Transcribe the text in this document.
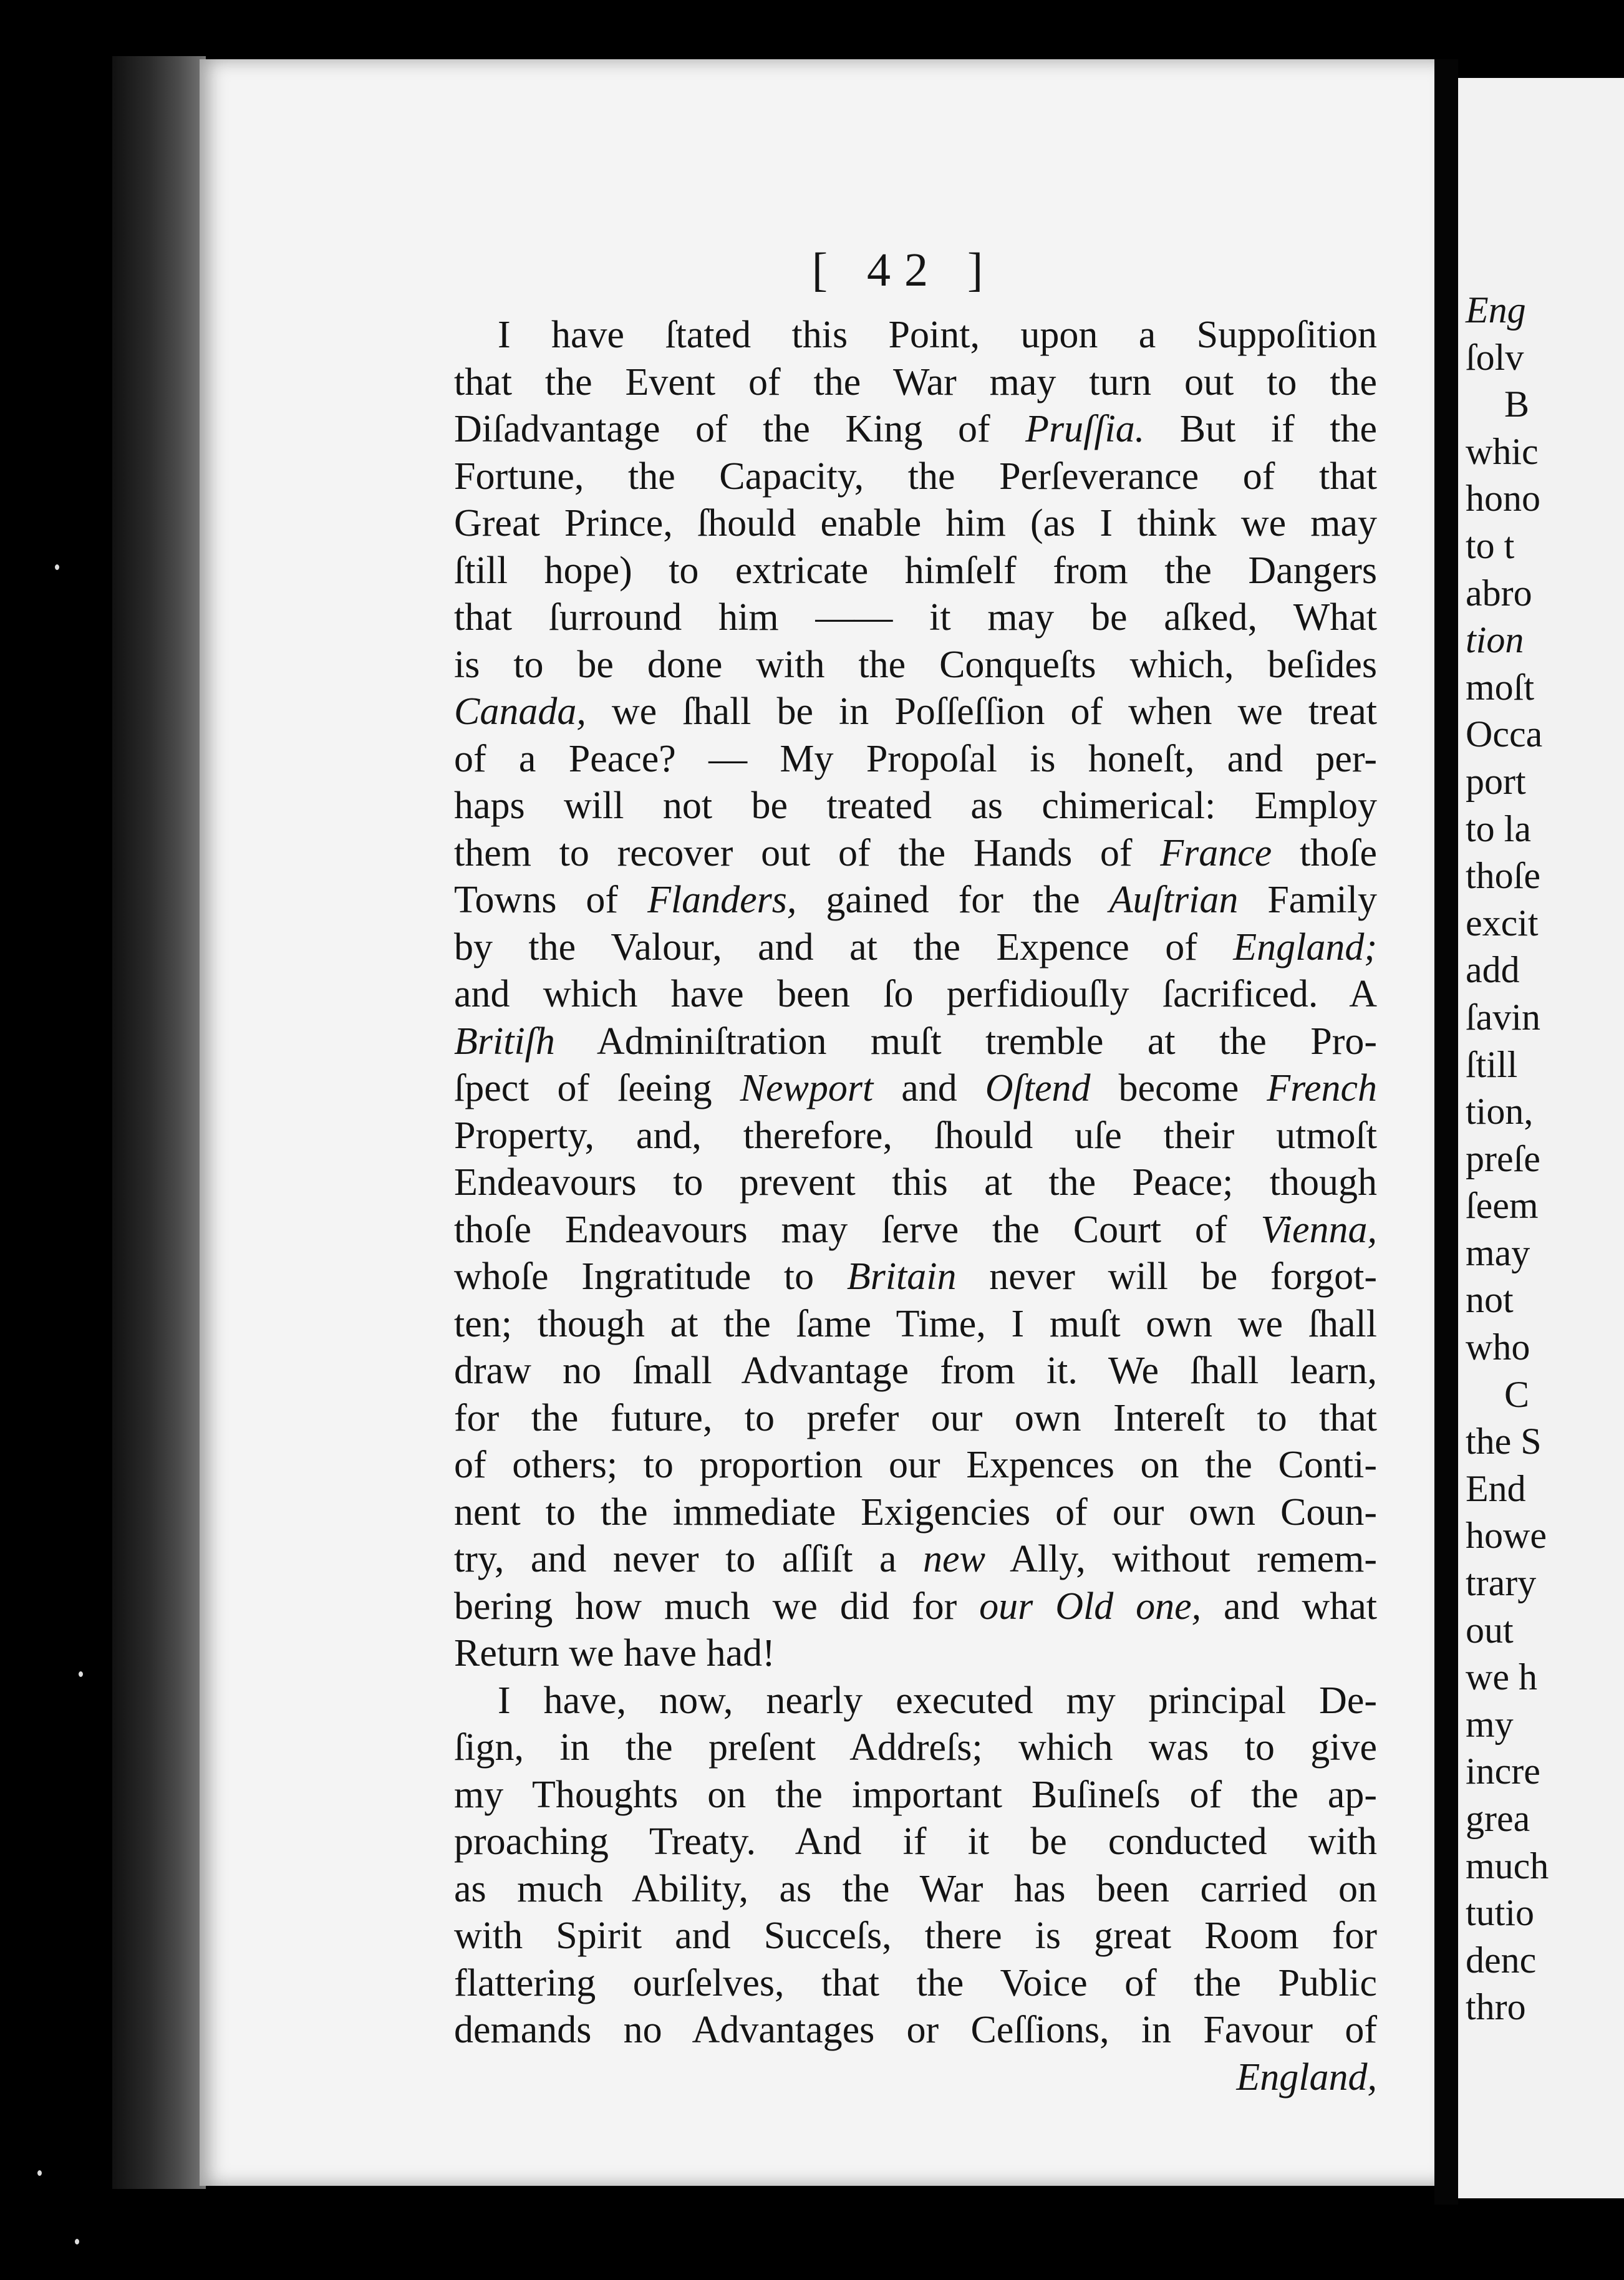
[ 42 ]
I have ſtated this Point, upon a Suppoſition
that the Event of the War may turn out to the
Diſadvantage of the King of Pruſſia. But if the
Fortune, the Capacity, the Perſeverance of that
Great Prince, ſhould enable him (as I think we may
ſtill hope) to extricate himſelf from the Dangers
that ſurround him —— it may be aſked, What
is to be done with the Conqueſts which, beſides
Canada, we ſhall be in Poſſeſſion of when we treat
of a Peace? — My Propoſal is honeſt, and per-
haps will not be treated as chimerical: Employ
them to recover out of the Hands of France thoſe
Towns of Flanders, gained for the Auſtrian Family
by the Valour, and at the Expence of England;
and which have been ſo perfidiouſly ſacrificed. A
Britiſh Adminiſtration muſt tremble at the Pro-
ſpect of ſeeing Newport and Oſtend become French
Property, and, therefore, ſhould uſe their utmoſt
Endeavours to prevent this at the Peace; though
thoſe Endeavours may ſerve the Court of Vienna,
whoſe Ingratitude to Britain never will be forgot-
ten; though at the ſame Time, I muſt own we ſhall
draw no ſmall Advantage from it. We ſhall learn,
for the future, to prefer our own Intereſt to that
of others; to proportion our Expences on the Conti-
nent to the immediate Exigencies of our own Coun-
try, and never to aſſiſt a new Ally, without remem-
bering how much we did for our Old one, and what
Return we have had!
I have, now, nearly executed my principal De-
ſign, in the preſent Addreſs; which was to give
my Thoughts on the important Buſineſs of the ap-
proaching Treaty. And if it be conducted with
as much Ability, as the War has been carried on
with Spirit and Succeſs, there is great Room for
flattering ourſelves, that the Voice of the Public
demands no Advantages or Ceſſions, in Favour of
England,
Eng
ſolv
B
whic
hono
to t
abro
tion
moſt
Occa
port
to la
thoſe
excit
add
ſavin
ſtill
tion,
preſe
ſeem
may
not
who
C
the S
End
howe
trary
out
we h
my
incre
grea
much
tutio
denc
thro
